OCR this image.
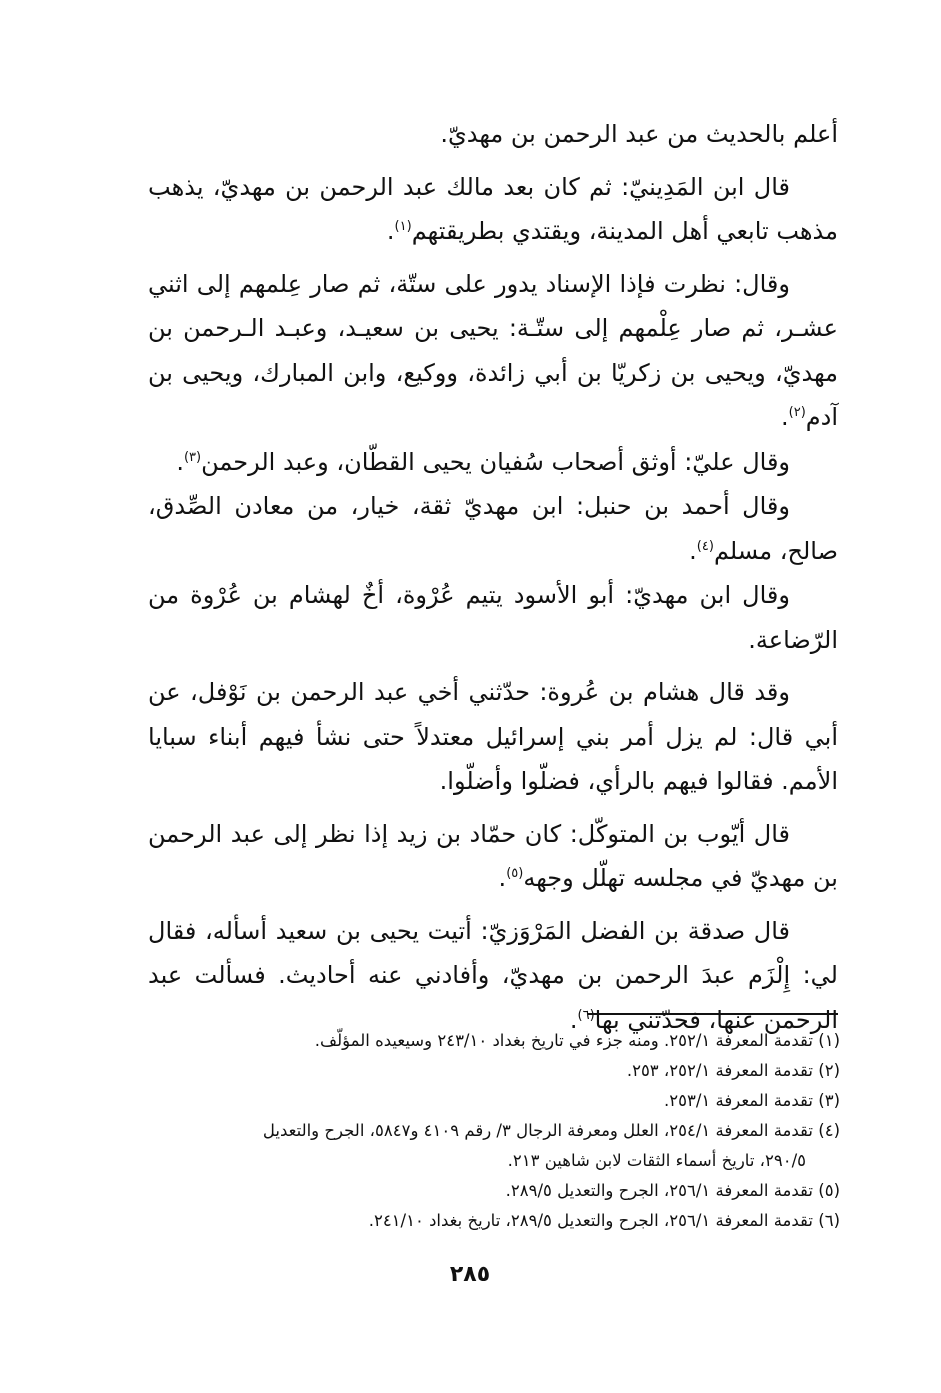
أعلم بالحديث من عبد الرحمن بن مهديّ.

قال ابن المَدِينيّ: ثم كان بعد مالك عبد الرحمن بن مهديّ، يذهب مذهب تابعي أهل المدينة، ويقتدي بطريقتهم$^{(١)}$.

وقال: نظرت فإذا الإسناد يدور على ستّة، ثم صار عِلمهم إلى اثني عشـر، ثم صار عِلْمهم إلى ستّـة: يحيى بن سعيـد، وعبـد الـرحمن بن مهديّ، ويحيى بن زكريّا بن أبي زائدة، ووكيع، وابن المبارك، ويحيى بن آدم$^{(٢)}$.

وقال عليّ: أوثق أصحاب سُفيان يحيى القطّان، وعبد الرحمن$^{(٣)}$.

وقال أحمد بن حنبل: ابن مهديّ ثقة، خيار، من معادن الصِّدق، صالح، مسلم$^{(٤)}$.

وقال ابن مهديّ: أبو الأسود يتيم عُرْوة، أخٌ لهشام بن عُرْوة من الرّضاعة.

وقد قال هشام بن عُروة: حدّثني أخي عبد الرحمن بن نَوْفل، عن أبي قال: لم يزل أمر بني إسرائيل معتدلاً حتى نشأ فيهم أبناء سبايا الأمم. فقالوا فيهم بالرأي، فضلّوا وأضلّوا.

قال أيّوب بن المتوكّل: كان حمّاد بن زيد إذا نظر إلى عبد الرحمن بن مهديّ في مجلسه تهلّل وجهه$^{(٥)}$.

قال صدقة بن الفضل المَرْوَزيّ: أتيت يحيى بن سعيد أسأله، فقال لي: إِلْزَم عبدَ الرحمن بن مهديّ، وأفادني عنه أحاديث. فسألت عبد الرحمن عنها، فحدّثني بها$^{(٦)}$.

(١) تقدمة المعرفة ٢٥٢/١. ومنه جزء في تاريخ بغداد ٢٤٣/١٠ وسيعيده المؤلّف.

(٢) تقدمة المعرفة ٢٥٢/١، ٢٥٣.

(٣) تقدمة المعرفة ٢٥٣/١.

(٤) تقدمة المعرفة ٢٥٤/١، العلل ومعرفة الرجال ٣/ رقم ٤١٠٩ و٥٨٤٧، الجرح والتعديل

٢٩٠/٥، تاريخ أسماء الثقات لابن شاهين ٢١٣.

(٥) تقدمة المعرفة ٢٥٦/١، الجرح والتعديل ٢٨٩/٥.

(٦) تقدمة المعرفة ٢٥٦/١، الجرح والتعديل ٢٨٩/٥، تاريخ بغداد ٢٤١/١٠.

٢٨٥
